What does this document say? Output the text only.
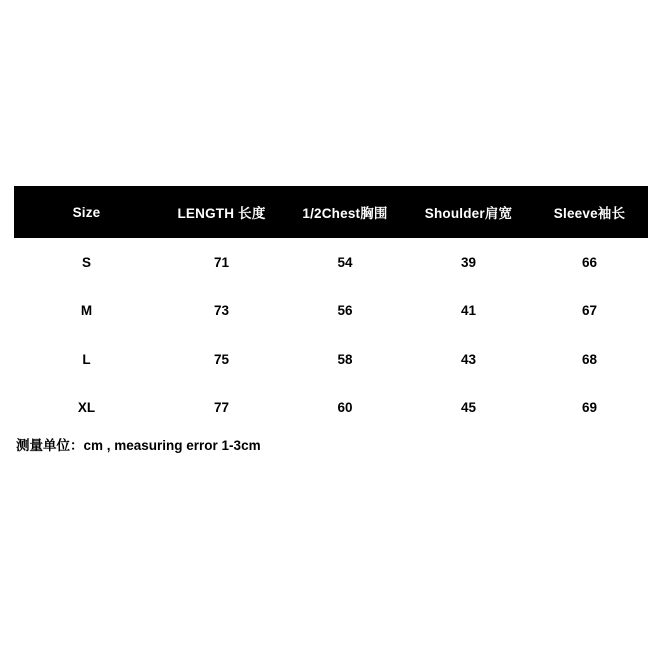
Size	LENGTH 长度	1/2Chest胸围	Shoulder肩宽	Sleeve袖长
S	71	54	39	66
M	73	56	41	67
L	75	58	43	68
XL	77	60	45	69
测量单位：cm , measuring error 1-3cm
